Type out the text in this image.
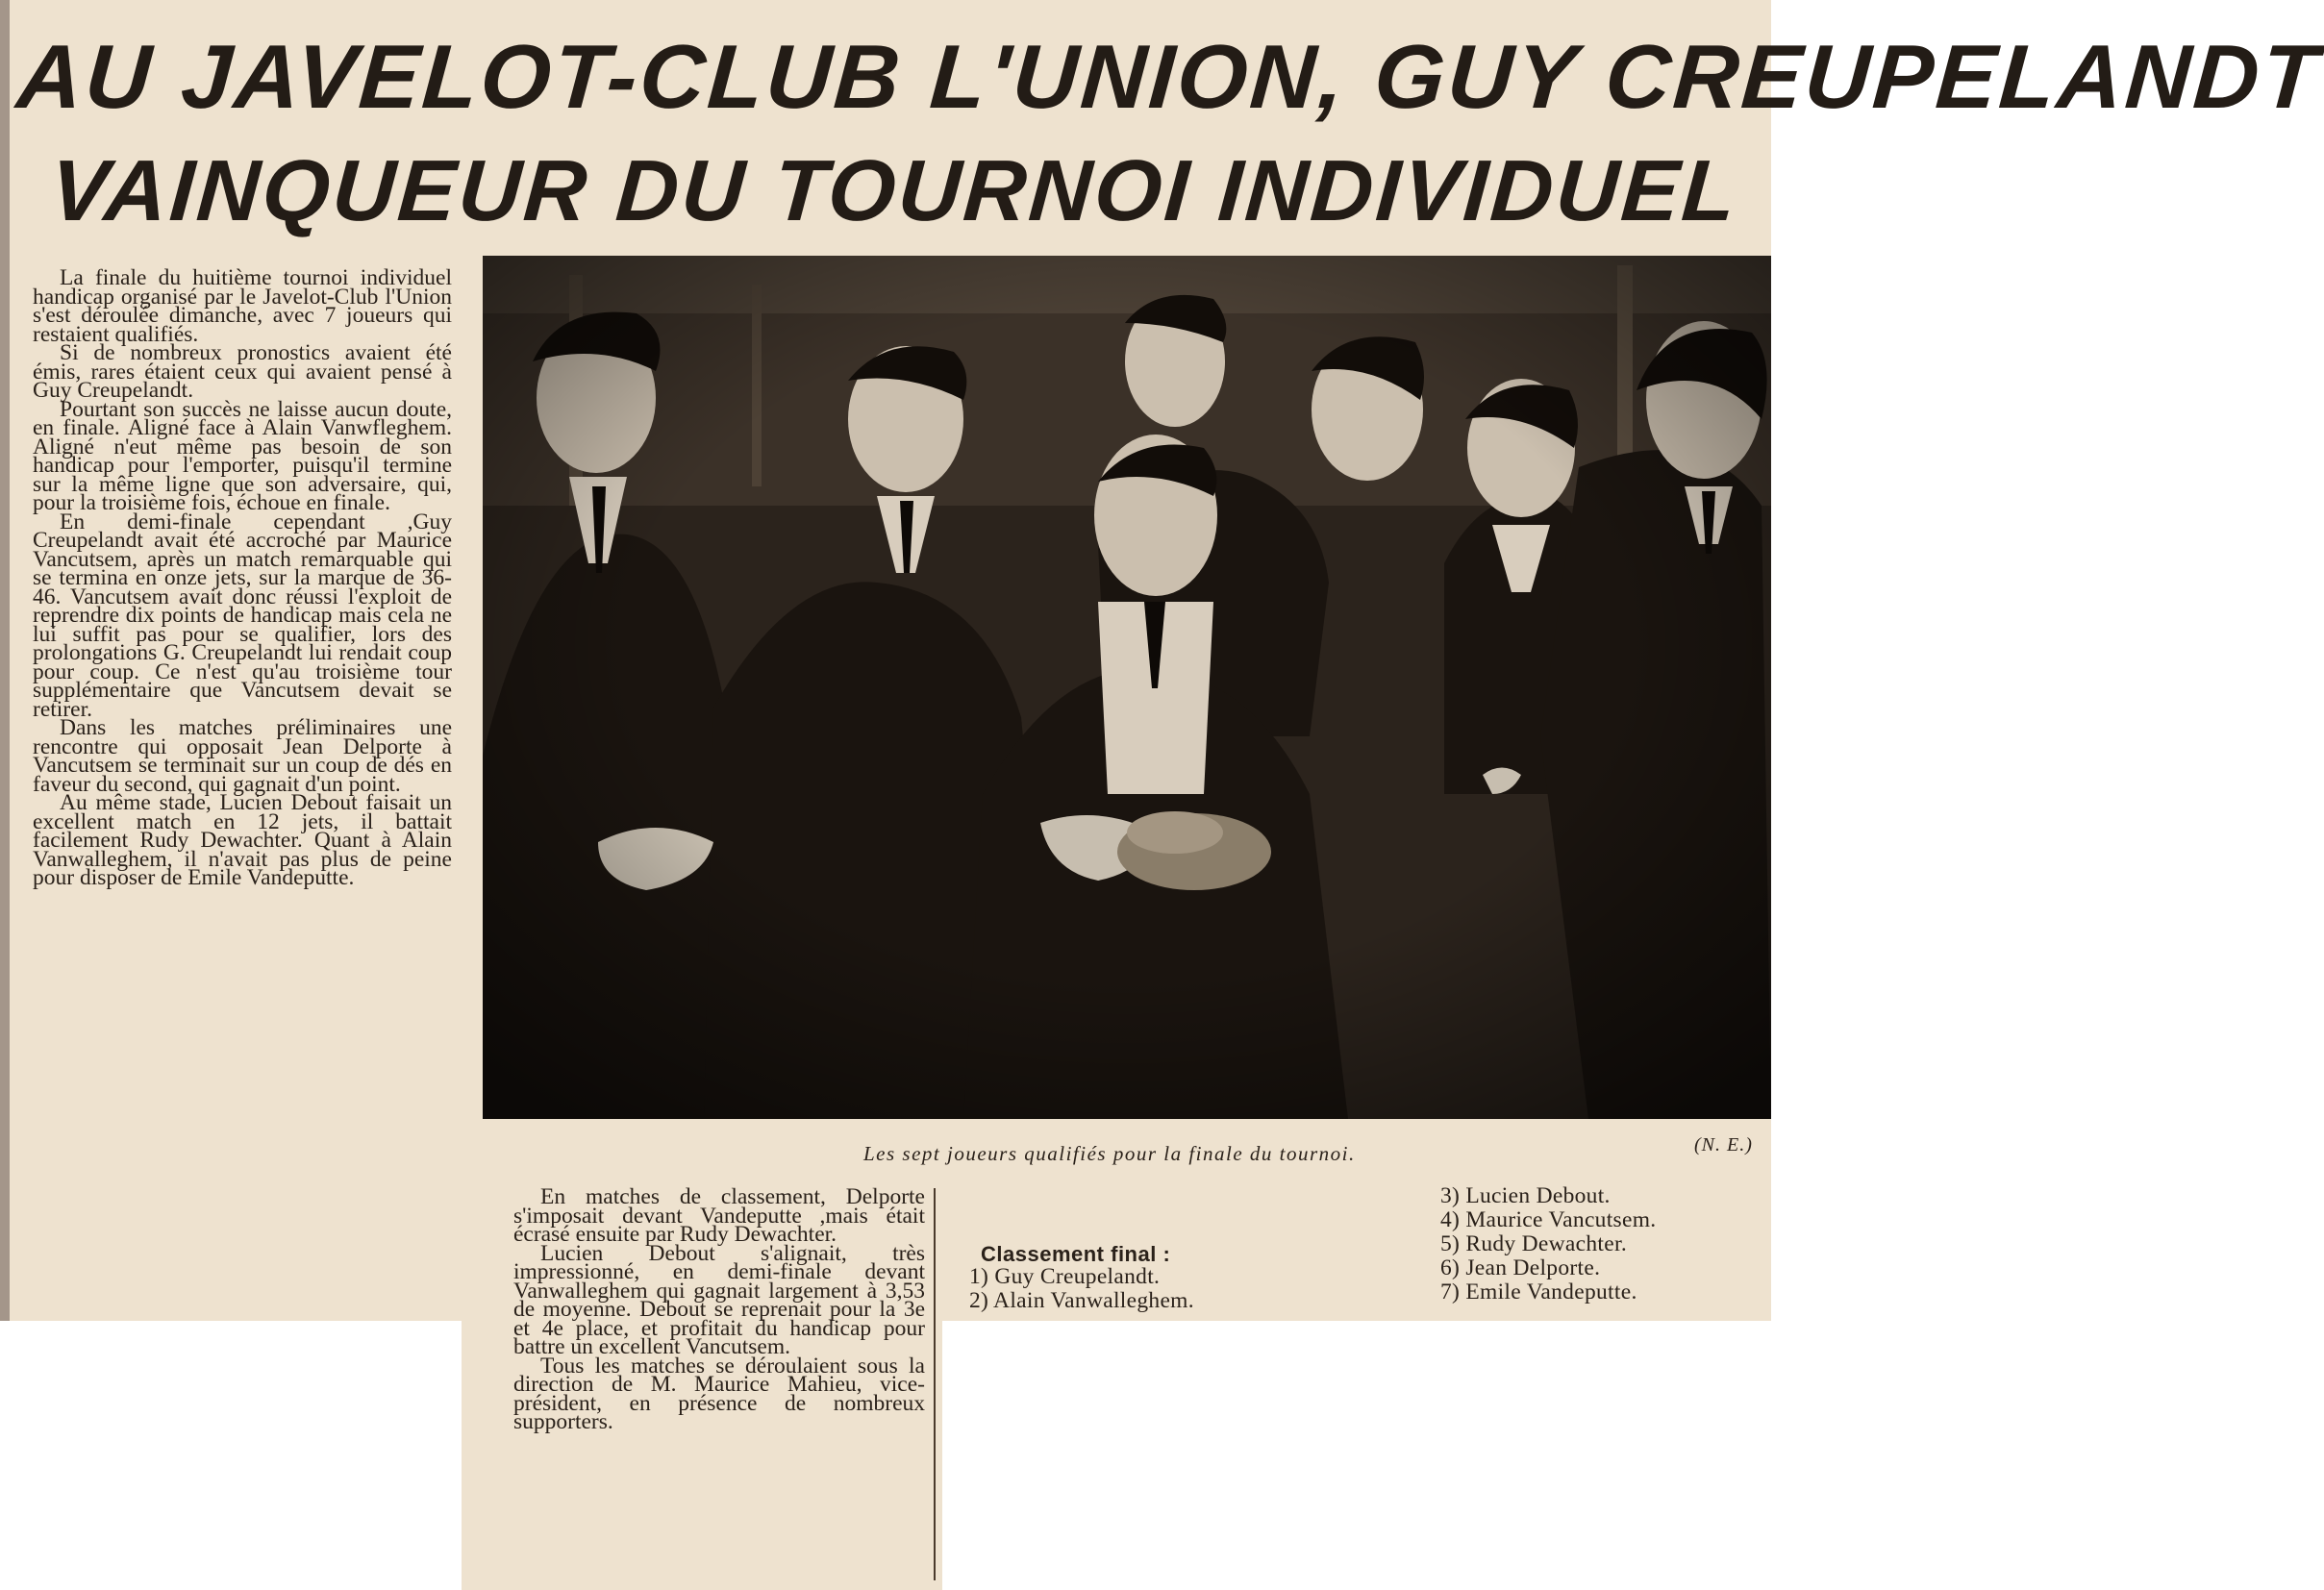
AU JAVELOT-CLUB L'UNION, GUY CREUPELANDT
VAINQUEUR DU TOURNOI INDIVIDUEL

La finale du huitième tournoi individuel handicap organisé par le Javelot-Club l'Union s'est déroulée dimanche, avec 7 joueurs qui restaient qualifiés.

Si de nombreux pronostics avaient été émis, rares étaient ceux qui avaient pensé à Guy Creupelandt.

Pourtant son succès ne laisse aucun doute, en finale. Aligné face à Alain Vanwfleghem. Aligné n'eut même pas besoin de son handicap pour l'emporter, puisqu'il termine sur la même ligne que son adversaire, qui, pour la troisième fois, échoue en finale.

En demi-finale cependant ,Guy Creupelandt avait été accroché par Maurice Vancutsem, après un match remarquable qui se termina en onze jets, sur la marque de 36-46. Vancutsem avait donc réussi l'exploit de reprendre dix points de handicap mais cela ne lui suffit pas pour se qualifier, lors des prolongations G. Creupelandt lui rendait coup pour coup. Ce n'est qu'au troisième tour supplémentaire que Vancutsem devait se retirer.

Dans les matches préliminaires une rencontre qui opposait Jean Delporte à Vancutsem se terminait sur un coup de dés en faveur du second, qui gagnait d'un point.

Au même stade, Lucien Debout faisait un excellent match en 12 jets, il battait facilement Rudy Dewachter. Quant à Alain Vanwalleghem, il n'avait pas plus de peine pour disposer de Emile Vandeputte.

Les sept joueurs qualifiés pour la finale du tournoi.	(N. E.)

En matches de classement, Delporte s'imposait devant Vandeputte ,mais était écrasé ensuite par Rudy Dewachter.

Lucien Debout s'alignait, très impressionné, en demi-finale devant Vanwalleghem qui gagnait largement à 3,53 de moyenne. Debout se reprenait pour la 3e et 4e place, et profitait du handicap pour battre un excellent Vancutsem.

Tous les matches se déroulaient sous la direction de M. Maurice Mahieu, vice-président, en présence de nombreux supporters.

Classement final :

1) Guy Creupelandt.
2) Alain Vanwalleghem.
3) Lucien Debout.
4) Maurice Vancutsem.
5) Rudy Dewachter.
6) Jean Delporte.
7) Emile Vandeputte.
